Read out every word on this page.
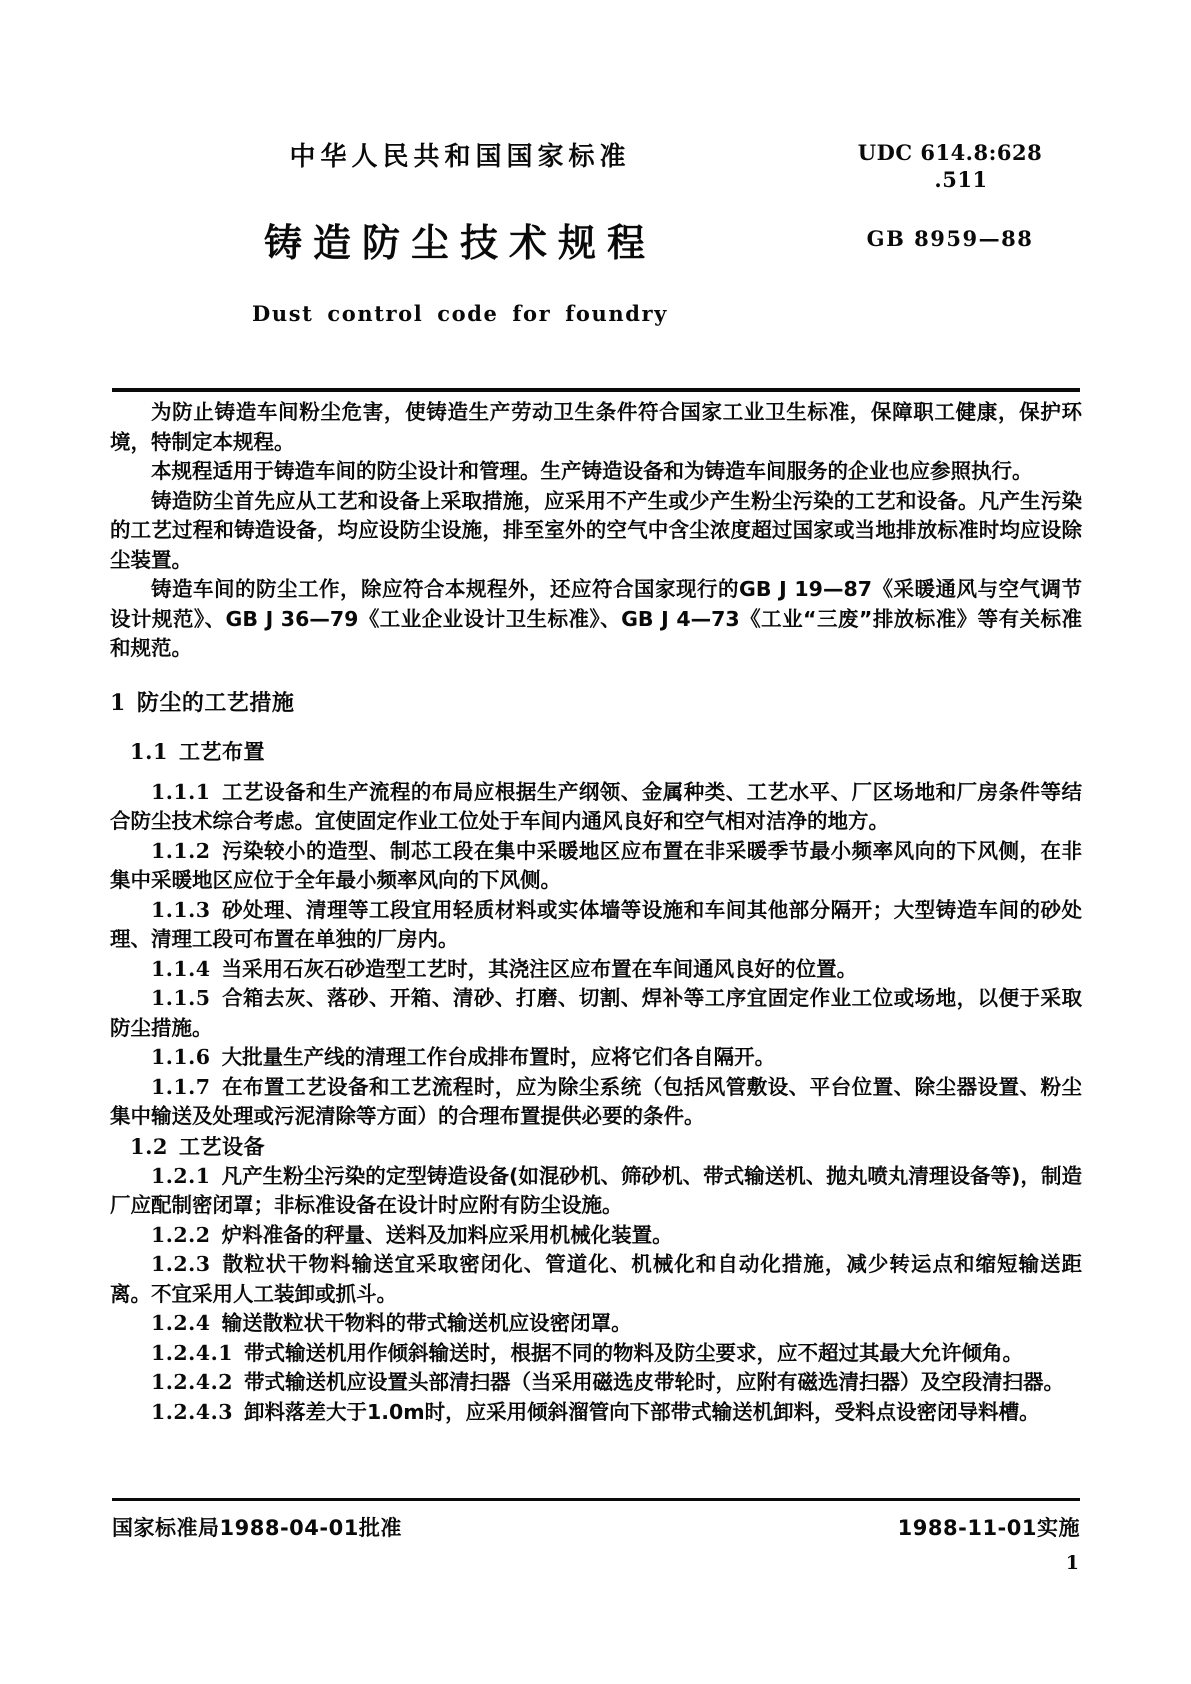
中华人民共和国国家标准
铸造防尘技术规程
Dust control code for foundry
UDC 614.8:628
.511
GB 8959—88

为防止铸造车间粉尘危害，使铸造生产劳动卫生条件符合国家工业卫生标准，保障职工健康，保护环境，特制定本规程。

本规程适用于铸造车间的防尘设计和管理。生产铸造设备和为铸造车间服务的企业也应参照执行。

铸造防尘首先应从工艺和设备上采取措施，应采用不产生或少产生粉尘污染的工艺和设备。凡产生污染的工艺过程和铸造设备，均应设防尘设施，排至室外的空气中含尘浓度超过国家或当地排放标准时均应设除尘装置。

铸造车间的防尘工作，除应符合本规程外，还应符合国家现行的GB J 19—87《采暖通风与空气调节设计规范》、GB J 36—79《工业企业设计卫生标准》、GB J 4—73《工业“三废”排放标准》等有关标准和规范。

1 防尘的工艺措施
1.1 工艺布置

1.1.1 工艺设备和生产流程的布局应根据生产纲领、金属种类、工艺水平、厂区场地和厂房条件等结合防尘技术综合考虑。宜使固定作业工位处于车间内通风良好和空气相对洁净的地方。

1.1.2 污染较小的造型、制芯工段在集中采暖地区应布置在非采暖季节最小频率风向的下风侧，在非集中采暖地区应位于全年最小频率风向的下风侧。

1.1.3 砂处理、清理等工段宜用轻质材料或实体墙等设施和车间其他部分隔开；大型铸造车间的砂处理、清理工段可布置在单独的厂房内。

1.1.4 当采用石灰石砂造型工艺时，其浇注区应布置在车间通风良好的位置。

1.1.5 合箱去灰、落砂、开箱、清砂、打磨、切割、焊补等工序宜固定作业工位或场地，以便于采取防尘措施。

1.1.6 大批量生产线的清理工作台成排布置时，应将它们各自隔开。

1.1.7 在布置工艺设备和工艺流程时，应为除尘系统（包括风管敷设、平台位置、除尘器设置、粉尘集中输送及处理或污泥清除等方面）的合理布置提供必要的条件。

1.2 工艺设备

1.2.1 凡产生粉尘污染的定型铸造设备(如混砂机、筛砂机、带式输送机、抛丸喷丸清理设备等)，制造厂应配制密闭罩；非标准设备在设计时应附有防尘设施。

1.2.2 炉料准备的秤量、送料及加料应采用机械化装置。

1.2.3 散粒状干物料输送宜采取密闭化、管道化、机械化和自动化措施，减少转运点和缩短输送距离。不宜采用人工装卸或抓斗。

1.2.4 输送散粒状干物料的带式输送机应设密闭罩。

1.2.4.1 带式输送机用作倾斜输送时，根据不同的物料及防尘要求，应不超过其最大允许倾角。

1.2.4.2 带式输送机应设置头部清扫器（当采用磁选皮带轮时，应附有磁选清扫器）及空段清扫器。

1.2.4.3 卸料落差大于1.0m时，应采用倾斜溜管向下部带式输送机卸料，受料点设密闭导料槽。

国家标准局1988-04-01批准	1988-11-01实施
1
